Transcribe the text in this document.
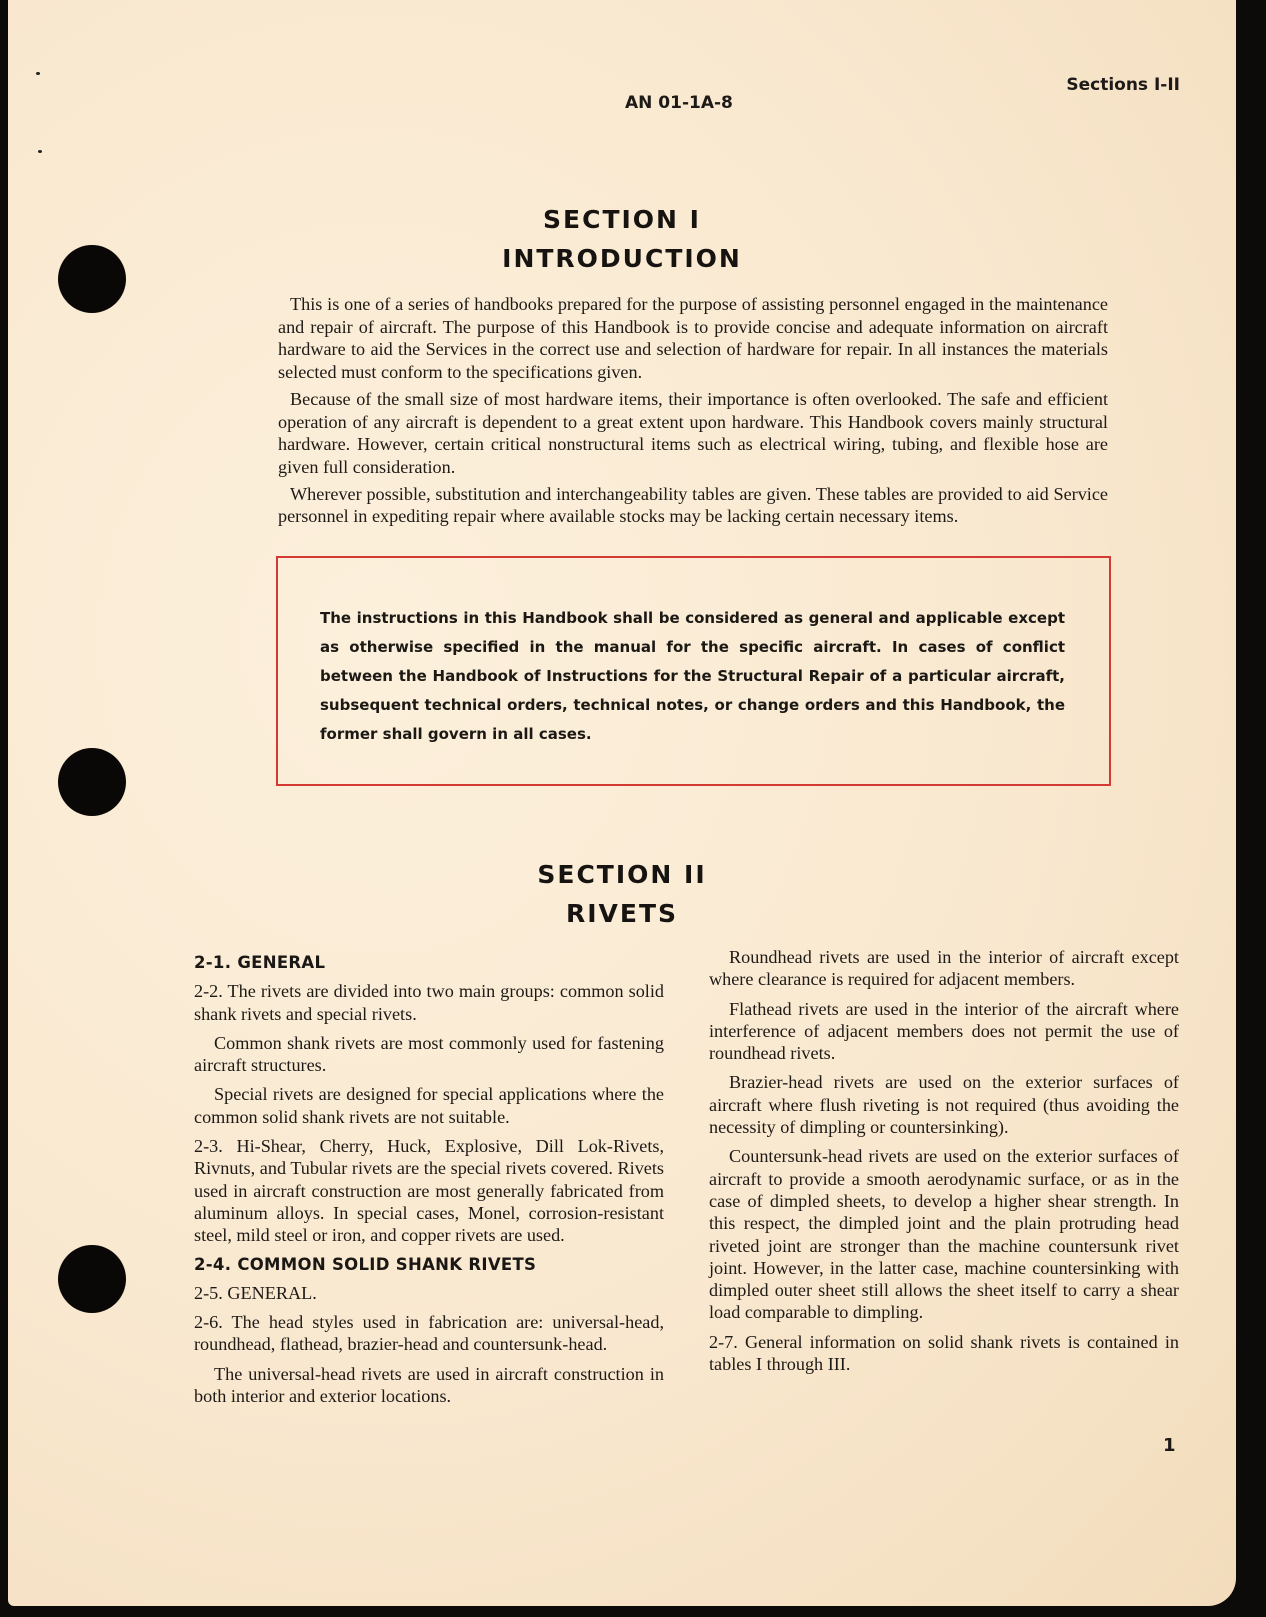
AN 01-1A-8
Sections I-II
SECTION I
INTRODUCTION

This is one of a series of handbooks prepared for the purpose of assisting personnel engaged in the maintenance and repair of aircraft. The purpose of this Handbook is to provide concise and adequate information on aircraft hardware to aid the Services in the correct use and selection of hardware for repair. In all instances the materials selected must conform to the specifications given.

Because of the small size of most hardware items, their importance is often overlooked. The safe and efficient operation of any aircraft is dependent to a great extent upon hardware. This Handbook covers mainly structural hardware. However, certain critical nonstructural items such as electrical wiring, tubing, and flexible hose are given full consideration.

Wherever possible, substitution and interchangeability tables are given. These tables are provided to aid Service personnel in expediting repair where available stocks may be lacking certain necessary items.

The instructions in this Handbook shall be considered as general and applicable except as otherwise specified in the manual for the specific aircraft. In cases of conflict between the Handbook of Instructions for the Structural Repair of a particular aircraft, subsequent technical orders, technical notes, or change orders and this Handbook, the former shall govern in all cases.

SECTION II
RIVETS
2-1. GENERAL
2-2. The rivets are divided into two main groups: common solid shank rivets and special rivets.
Common shank rivets are most commonly used for fastening aircraft structures.
Special rivets are designed for special applications where the common solid shank rivets are not suitable.
2-3. Hi-Shear, Cherry, Huck, Explosive, Dill Lok-Rivets, Rivnuts, and Tubular rivets are the special rivets covered. Rivets used in aircraft construction are most generally fabricated from aluminum alloys. In special cases, Monel, corrosion-resistant steel, mild steel or iron, and copper rivets are used.
2-4. COMMON SOLID SHANK RIVETS
2-5. GENERAL.
2-6. The head styles used in fabrication are: universal-head, roundhead, flathead, brazier-head and countersunk-head.
The universal-head rivets are used in aircraft construction in both interior and exterior locations.
Roundhead rivets are used in the interior of aircraft except where clearance is required for adjacent members.
Flathead rivets are used in the interior of the aircraft where interference of adjacent members does not permit the use of roundhead rivets.
Brazier-head rivets are used on the exterior surfaces of aircraft where flush riveting is not required (thus avoiding the necessity of dimpling or countersinking).
Countersunk-head rivets are used on the exterior surfaces of aircraft to provide a smooth aerodynamic surface, or as in the case of dimpled sheets, to develop a higher shear strength. In this respect, the dimpled joint and the plain protruding head riveted joint are stronger than the machine countersunk rivet joint. However, in the latter case, machine countersinking with dimpled outer sheet still allows the sheet itself to carry a shear load comparable to dimpling.
2-7. General information on solid shank rivets is contained in tables I through III.
1
